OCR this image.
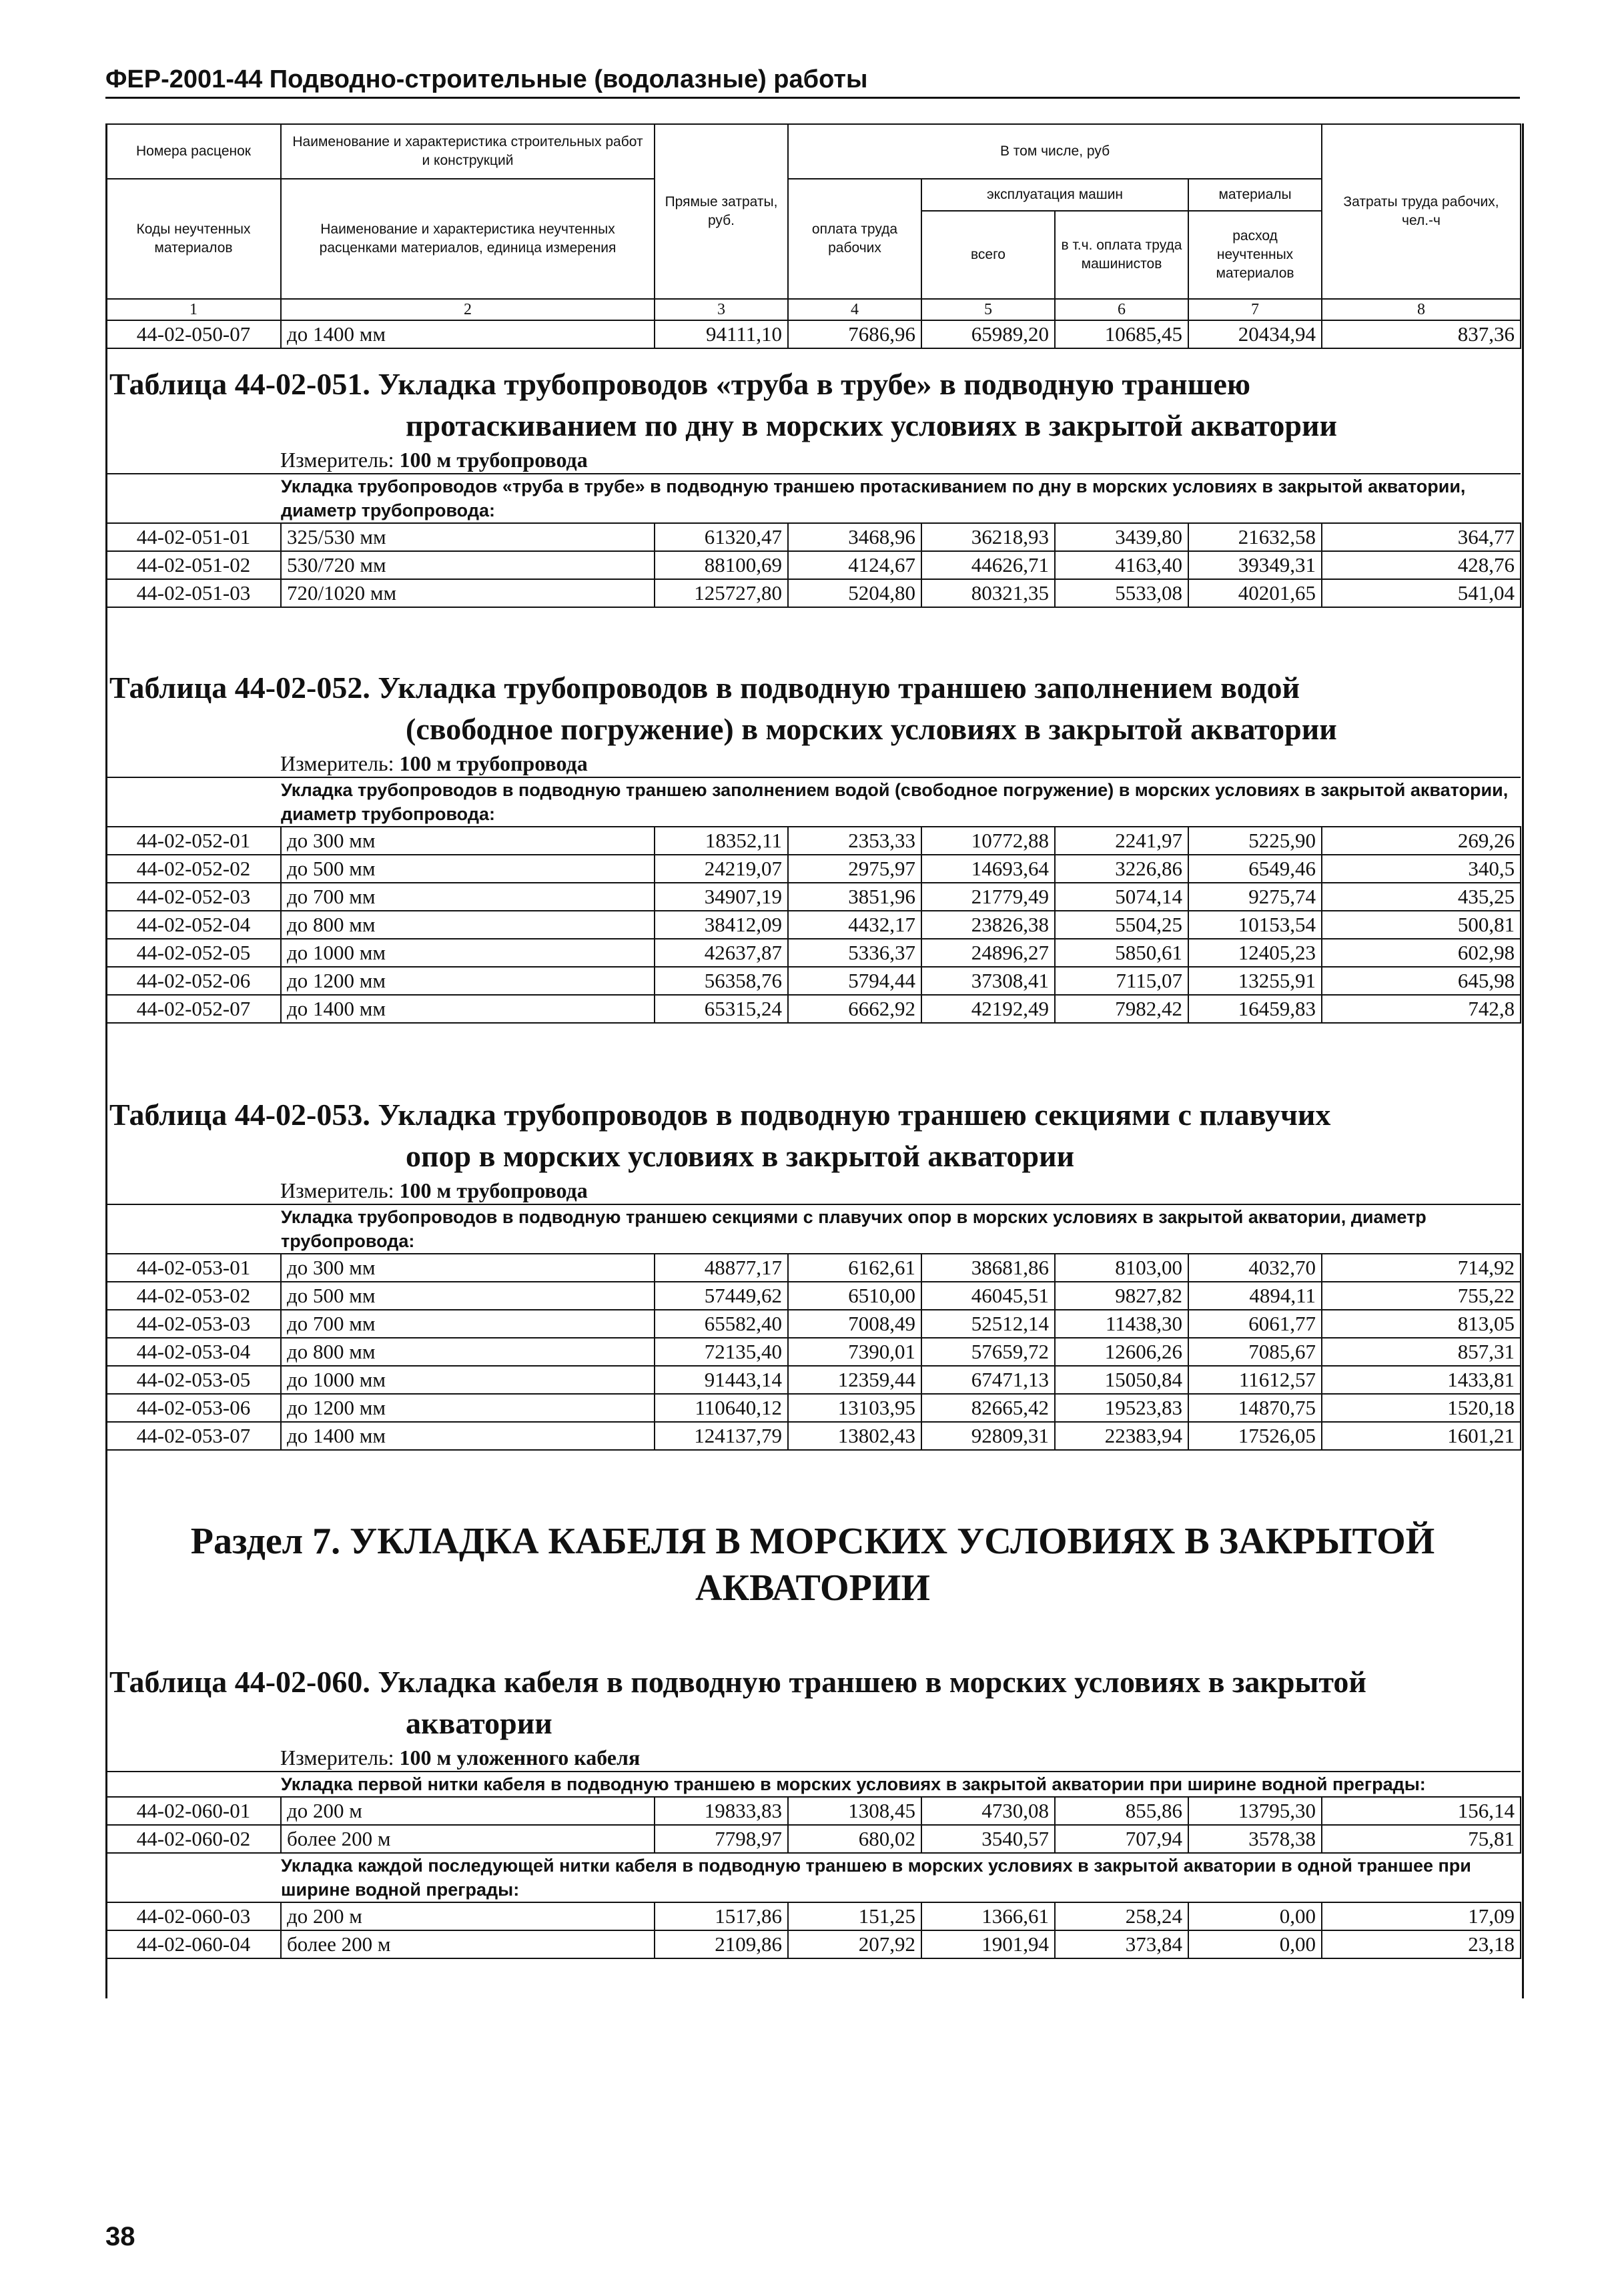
ФЕР-2001-44 Подводно-строительные (водолазные) работы
Номера расценок	Наименование и характеристика строительных работ и конструкций	Прямые затраты, руб.	В том числе, руб				Затраты труда рабочих, чел.-ч
Коды неучтенных материалов	Наименование и характеристика неучтенных расценками материалов, единица измерения		оплата труда рабочих	эксплуатация машин		материалы	
				всего	в т.ч. оплата труда машинистов	расход неучтенных материалов	
1	2	3	4	5	6	7	8
44-02-050-07	до 1400 мм	94111,10	7686,96	65989,20	10685,45	20434,94	837,36
Таблица 44-02-051. Укладка трубопроводов «труба в трубе» в подводную траншею
протаскиванием по дну в морских условиях в закрытой акватории
Измеритель: 100 м трубопровода
Укладка трубопроводов «труба в трубе» в подводную траншею протаскиванием по дну в морских условиях в закрытой акватории, диаметр трубопровода:							
44-02-051-01	325/530 мм	61320,47	3468,96	36218,93	3439,80	21632,58	364,77
44-02-051-02	530/720 мм	88100,69	4124,67	44626,71	4163,40	39349,31	428,76
44-02-051-03	720/1020 мм	125727,80	5204,80	80321,35	5533,08	40201,65	541,04
Таблица 44-02-052. Укладка трубопроводов в подводную траншею заполнением водой
(свободное погружение) в морских условиях в закрытой акватории
Измеритель: 100 м трубопровода
Укладка трубопроводов в подводную траншею заполнением водой (свободное погружение) в морских условиях в закрытой акватории, диаметр трубопровода:							
44-02-052-01	до 300 мм	18352,11	2353,33	10772,88	2241,97	5225,90	269,26
44-02-052-02	до 500 мм	24219,07	2975,97	14693,64	3226,86	6549,46	340,5
44-02-052-03	до 700 мм	34907,19	3851,96	21779,49	5074,14	9275,74	435,25
44-02-052-04	до 800 мм	38412,09	4432,17	23826,38	5504,25	10153,54	500,81
44-02-052-05	до 1000 мм	42637,87	5336,37	24896,27	5850,61	12405,23	602,98
44-02-052-06	до 1200 мм	56358,76	5794,44	37308,41	7115,07	13255,91	645,98
44-02-052-07	до 1400 мм	65315,24	6662,92	42192,49	7982,42	16459,83	742,8
Таблица 44-02-053. Укладка трубопроводов в подводную траншею секциями с плавучих
опор в морских условиях в закрытой акватории
Измеритель: 100 м трубопровода
Укладка трубопроводов в подводную траншею секциями с плавучих опор в морских условиях в закрытой акватории, диаметр трубопровода:							
44-02-053-01	до 300 мм	48877,17	6162,61	38681,86	8103,00	4032,70	714,92
44-02-053-02	до 500 мм	57449,62	6510,00	46045,51	9827,82	4894,11	755,22
44-02-053-03	до 700 мм	65582,40	7008,49	52512,14	11438,30	6061,77	813,05
44-02-053-04	до 800 мм	72135,40	7390,01	57659,72	12606,26	7085,67	857,31
44-02-053-05	до 1000 мм	91443,14	12359,44	67471,13	15050,84	11612,57	1433,81
44-02-053-06	до 1200 мм	110640,12	13103,95	82665,42	19523,83	14870,75	1520,18
44-02-053-07	до 1400 мм	124137,79	13802,43	92809,31	22383,94	17526,05	1601,21
Раздел 7. УКЛАДКА КАБЕЛЯ В МОРСКИХ УСЛОВИЯХ В ЗАКРЫТОЙ
АКВАТОРИИ
Таблица 44-02-060. Укладка кабеля в подводную траншею в морских условиях в закрытой
акватории
Измеритель: 100 м уложенного кабеля
Укладка первой нитки кабеля в подводную траншею в морских условиях в закрытой акватории при ширине водной преграды:							
44-02-060-01	до 200 м	19833,83	1308,45	4730,08	855,86	13795,30	156,14
44-02-060-02	более 200 м	7798,97	680,02	3540,57	707,94	3578,38	75,81
Укладка каждой последующей нитки кабеля в подводную траншею в морских условиях в закрытой акватории в одной траншее при ширине водной преграды:							
44-02-060-03	до 200 м	1517,86	151,25	1366,61	258,24	0,00	17,09
44-02-060-04	более 200 м	2109,86	207,92	1901,94	373,84	0,00	23,18
38
